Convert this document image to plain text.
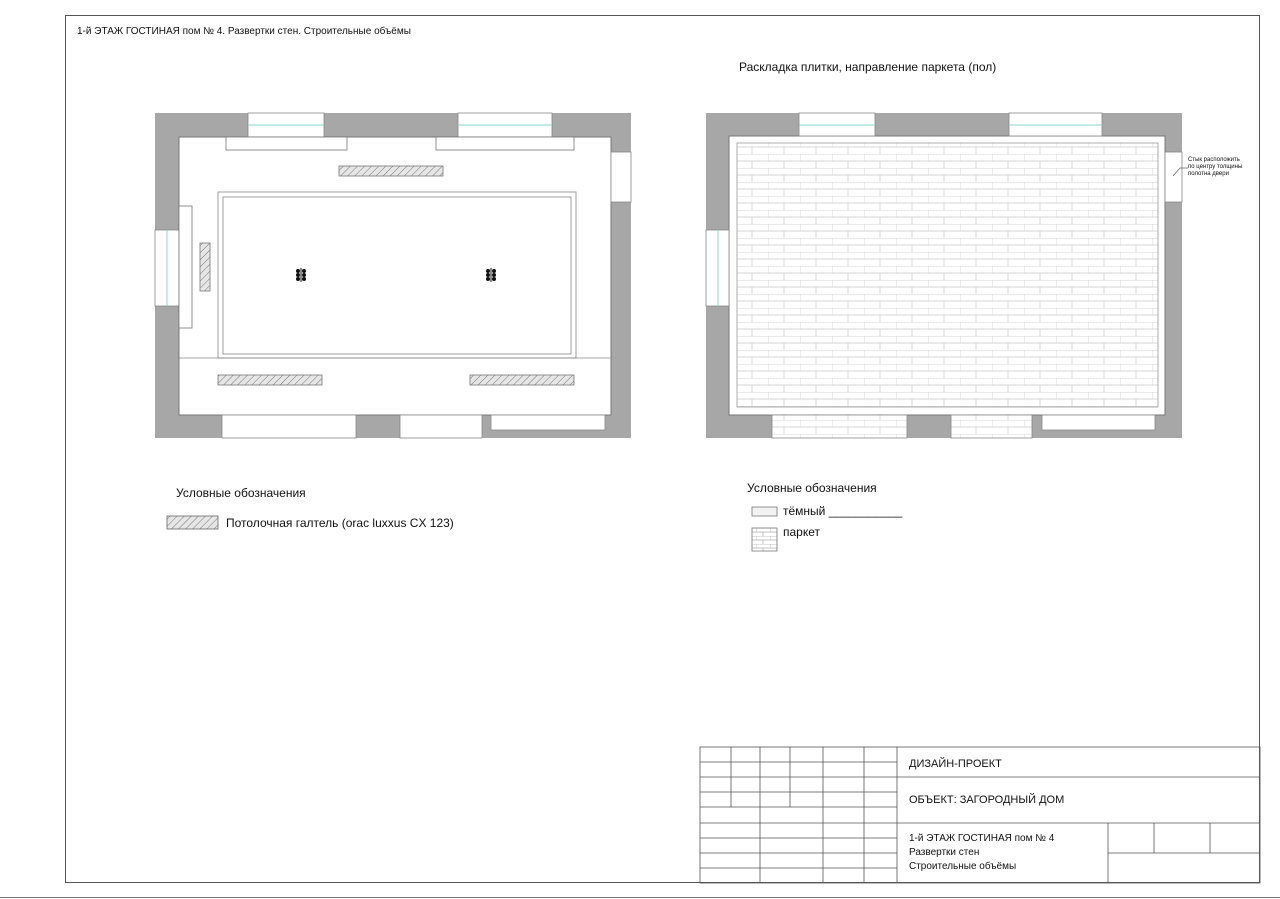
1-й ЭТАЖ ГОСТИНАЯ пом № 4. Развертки стен. Строительные объёмы
Раскладка плитки, направление паркета (пол)
Стык расположить
по центру толщины
полотна двери
Условные обозначения
Потолочная галтель (orac luxxus CX 123)
Условные обозначения
тёмный ___________
паркет
ДИЗАЙН-ПРОЕКТ
ОБЪЕКТ: ЗАГОРОДНЫЙ ДОМ
1-й ЭТАЖ ГОСТИНАЯ пом № 4
Развертки стен
Строительные объёмы
